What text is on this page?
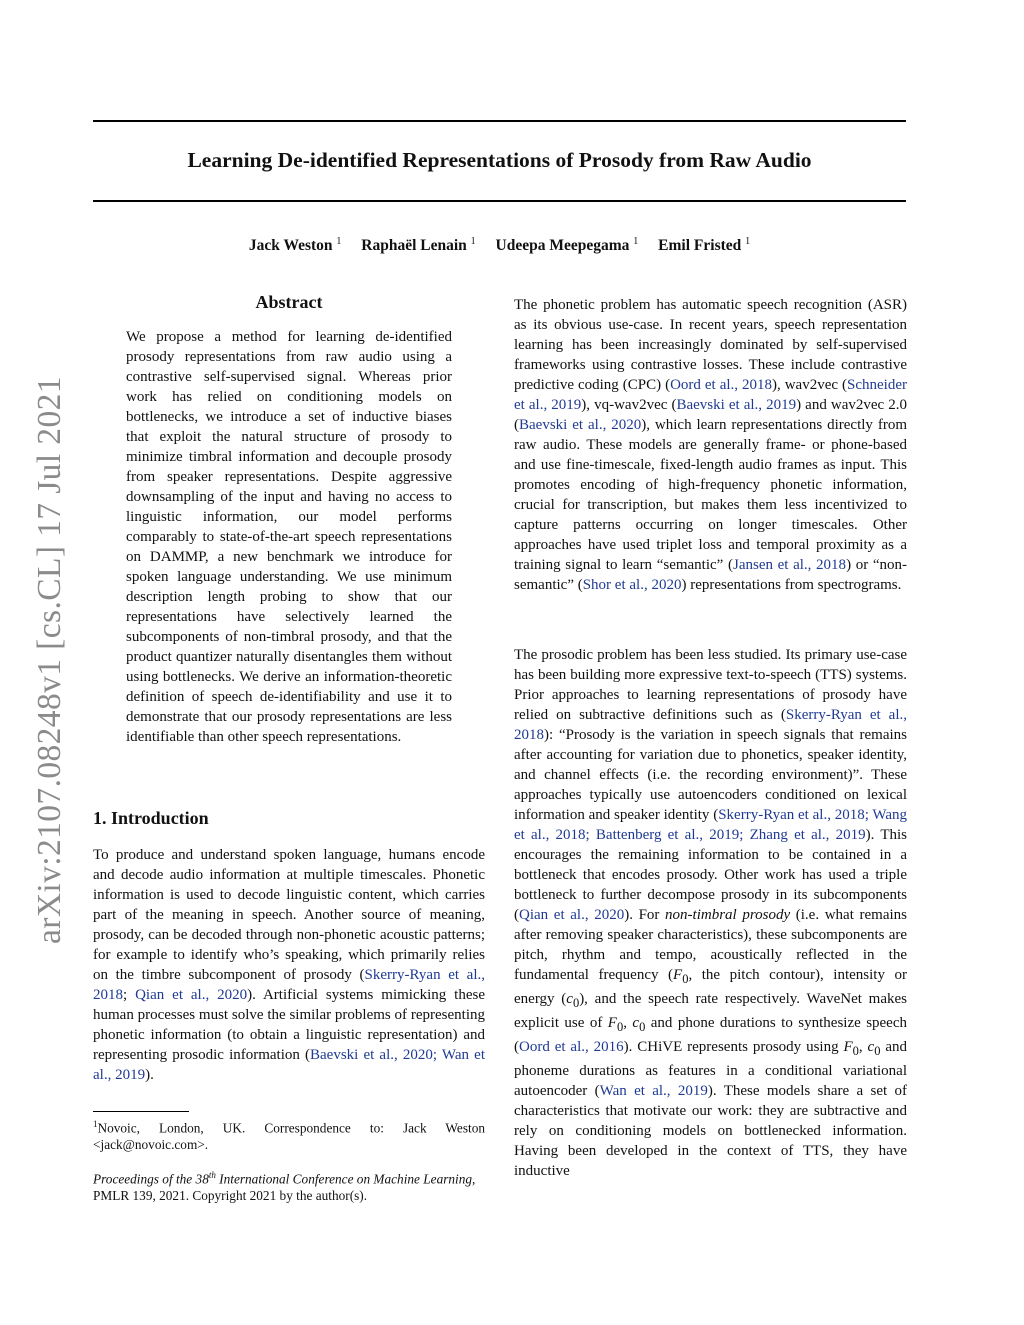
Learning De-identified Representations of Prosody from Raw Audio
Jack Weston $^1$ Raphaël Lenain $^1$ Udeepa Meepegama $^1$ Emil Fristed $^1$
arXiv:2107.08248v1 [cs.CL] 17 Jul 2021
Abstract

We propose a method for learning de-identified prosody representations from raw audio using a contrastive self-supervised signal. Whereas prior work has relied on conditioning models on bottlenecks, we introduce a set of inductive biases that exploit the natural structure of prosody to minimize timbral information and decouple prosody from speaker representations. Despite aggressive downsampling of the input and having no access to linguistic information, our model performs comparably to state-of-the-art speech representations on DAMMP, a new benchmark we introduce for spoken language understanding. We use minimum description length probing to show that our representations have selectively learned the subcomponents of non-timbral prosody, and that the product quantizer naturally disentangles them without using bottlenecks. We derive an information-theoretic definition of speech de-identifiability and use it to demonstrate that our prosody representations are less identifiable than other speech representations.

1. Introduction

To produce and understand spoken language, humans encode and decode audio information at multiple timescales. Phonetic information is used to decode linguistic content, which carries part of the meaning in speech. Another source of meaning, prosody, can be decoded through non-phonetic acoustic patterns; for example to identify who’s speaking, which primarily relies on the timbre subcomponent of prosody (Skerry-Ryan et al., 2018; Qian et al., 2020). Artificial systems mimicking these human processes must solve the similar problems of representing phonetic information (to obtain a linguistic representation) and representing prosodic information (Baevski et al., 2020; Wan et al., 2019).

$^1$Novoic, London, UK. Correspondence to: Jack Weston <jack@novoic.com>.
Proceedings of the 38th International Conference on Machine Learning, PMLR 139, 2021. Copyright 2021 by the author(s).

The phonetic problem has automatic speech recognition (ASR) as its obvious use-case. In recent years, speech representation learning has been increasingly dominated by self-supervised frameworks using contrastive losses. These include contrastive predictive coding (CPC) (Oord et al., 2018), wav2vec (Schneider et al., 2019), vq-wav2vec (Baevski et al., 2019) and wav2vec 2.0 (Baevski et al., 2020), which learn representations directly from raw audio. These models are generally frame- or phone-based and use fine-timescale, fixed-length audio frames as input. This promotes encoding of high-frequency phonetic information, crucial for transcription, but makes them less incentivized to capture patterns occurring on longer timescales. Other approaches have used triplet loss and temporal proximity as a training signal to learn “semantic” (Jansen et al., 2018) or “non-semantic” (Shor et al., 2020) representations from spectrograms.

The prosodic problem has been less studied. Its primary use-case has been building more expressive text-to-speech (TTS) systems. Prior approaches to learning representations of prosody have relied on subtractive definitions such as (Skerry-Ryan et al., 2018): “Prosody is the variation in speech signals that remains after accounting for variation due to phonetics, speaker identity, and channel effects (i.e. the recording environment)”. These approaches typically use autoencoders conditioned on lexical information and speaker identity (Skerry-Ryan et al., 2018; Wang et al., 2018; Battenberg et al., 2019; Zhang et al., 2019). This encourages the remaining information to be contained in a bottleneck that encodes prosody. Other work has used a triple bottleneck to further decompose prosody in its subcomponents (Qian et al., 2020). For non-timbral prosody (i.e. what remains after removing speaker characteristics), these subcomponents are pitch, rhythm and tempo, acoustically reflected in the fundamental frequency ($F_0$, the pitch contour), intensity or energy $(c_0)$, and the speech rate respectively. WaveNet makes explicit use of $F_0$, $c_0$ and phone durations to synthesize speech (Oord et al., 2016). CHiVE represents prosody using $F_0$, $c_0$ and phoneme durations as features in a conditional variational autoencoder (Wan et al., 2019). These models share a set of characteristics that motivate our work: they are subtractive and rely on conditioning models on bottlenecked information. Having been developed in the context of TTS, they have inductive
